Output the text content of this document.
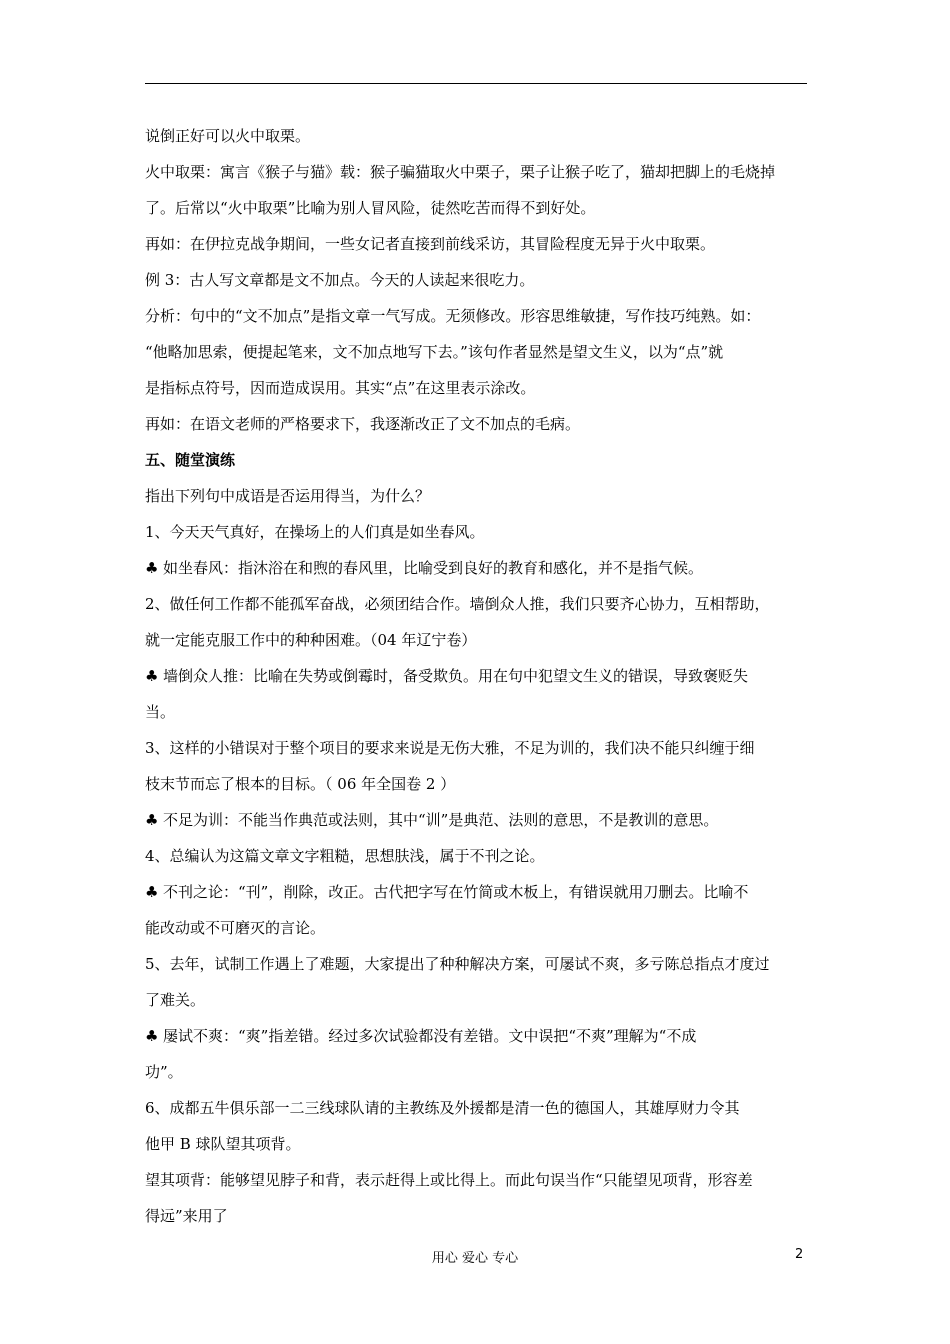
说倒正好可以火中取栗。
火中取栗：寓言《猴子与猫》载：猴子骗猫取火中栗子，栗子让猴子吃了，猫却把脚上的毛烧掉
了。后常以“火中取栗”比喻为别人冒风险，徒然吃苦而得不到好处。
再如：在伊拉克战争期间，一些女记者直接到前线采访，其冒险程度无异于火中取栗。
例 3：古人写文章都是文不加点。今天的人读起来很吃力。
分析：句中的“文不加点”是指文章一气写成。无须修改。形容思维敏捷，写作技巧纯熟。如：
“他略加思索，便提起笔来，文不加点地写下去。”该句作者显然是望文生义，以为“点”就
是指标点符号，因而造成误用。其实“点”在这里表示涂改。
再如：在语文老师的严格要求下，我逐渐改正了文不加点的毛病。
五、随堂演练
指出下列句中成语是否运用得当，为什么？
1、今天天气真好，在操场上的人们真是如坐春风。
♣ 如坐春风：指沐浴在和煦的春风里，比喻受到良好的教育和感化，并不是指气候。
2、做任何工作都不能孤军奋战，必须团结合作。墙倒众人推，我们只要齐心协力，互相帮助，
就一定能克服工作中的种种困难。（04 年辽宁卷）
♣ 墙倒众人推：比喻在失势或倒霉时，备受欺负。用在句中犯望文生义的错误，导致褒贬失
当。
3、这样的小错误对于整个项目的要求来说是无伤大雅，不足为训的，我们决不能只纠缠于细
枝末节而忘了根本的目标。（ 06 年全国卷 2 ）
♣ 不足为训：不能当作典范或法则，其中“训”是典范、法则的意思，不是教训的意思。
4、总编认为这篇文章文字粗糙，思想肤浅，属于不刊之论。
♣ 不刊之论：“刊”，削除，改正。古代把字写在竹简或木板上，有错误就用刀删去。比喻不
能改动或不可磨灭的言论。
5、去年，试制工作遇上了难题，大家提出了种种解决方案，可屡试不爽，多亏陈总指点才度过
了难关。
♣ 屡试不爽：“爽”指差错。经过多次试验都没有差错。文中误把“不爽”理解为“不成
功”。
6、成都五牛俱乐部一二三线球队请的主教练及外援都是清一色的德国人，其雄厚财力令其
他甲 B 球队望其项背。
望其项背：能够望见脖子和背，表示赶得上或比得上。而此句误当作“只能望见项背，形容差
得远”来用了
用心 爱心 专心	2
